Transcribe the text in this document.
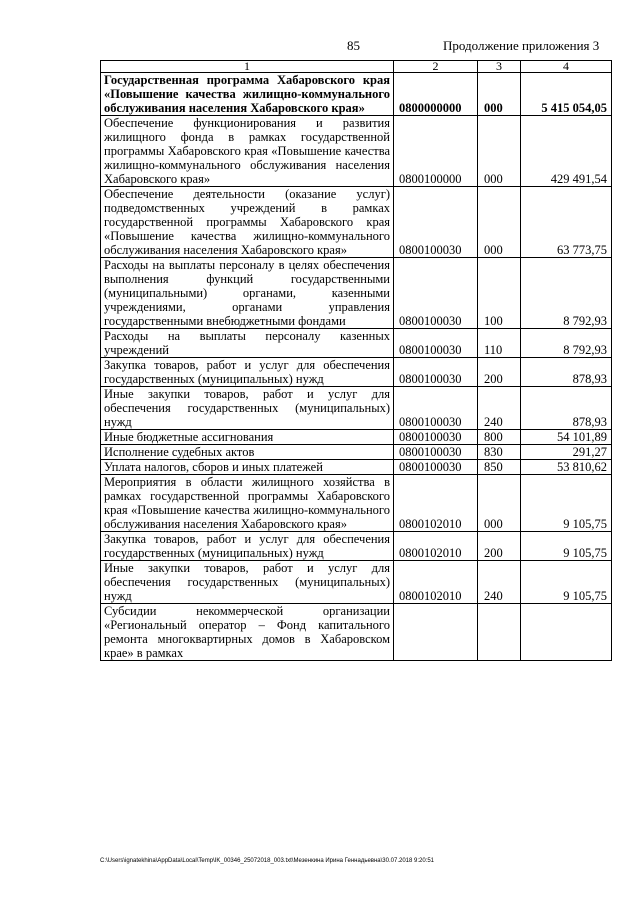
85	Продолжение приложения 3
1	2	3	4
Государственная программа Хабаровского края «Повышение качества жилищно-коммунального обслуживания населения Хабаровского края»	0800000000	000	5 415 054,05
Обеспечение функционирования и развития жилищного фонда в рамках государственной программы Хабаровского края «Повышение качества жилищно-коммунального обслуживания населения Хабаровского края»	0800100000	000	429 491,54
Обеспечение деятельности (оказание услуг) подведомственных учреждений в рамках государственной программы Хабаровского края «Повышение качества жилищно-коммунального обслуживания населения Хабаровского края»	0800100030	000	63 773,75
Расходы на выплаты персоналу в целях обеспечения выполнения функций государственными (муниципальными) органами, казенными учреждениями, органами управления государственными внебюджетными фондами	0800100030	100	8 792,93
Расходы на выплаты персоналу казенных учреждений	0800100030	110	8 792,93
Закупка товаров, работ и услуг для обеспечения государственных (муниципальных) нужд	0800100030	200	878,93
Иные закупки товаров, работ и услуг для обеспечения государственных (муниципальных) нужд	0800100030	240	878,93
Иные бюджетные ассигнования	0800100030	800	54 101,89
Исполнение судебных актов	0800100030	830	291,27
Уплата налогов, сборов и иных платежей	0800100030	850	53 810,62
Мероприятия в области жилищного хозяйства в рамках государственной программы Хабаровского края «Повышение качества жилищно-коммунального обслуживания населения Хабаровского края»	0800102010	000	9 105,75
Закупка товаров, работ и услуг для обеспечения государственных (муниципальных) нужд	0800102010	200	9 105,75
Иные закупки товаров, работ и услуг для обеспечения государственных (муниципальных) нужд	0800102010	240	9 105,75
Субсидии некоммерческой организации «Региональный оператор – Фонд капитального ремонта многоквартирных домов в Хабаровском крае» в рамках			
C:\Users\ignatekhina\AppData\Local\Temp\IK_00346_25072018_003.txt\Мезенкина Ирина Геннадьевна\30.07.2018 9:20:51
